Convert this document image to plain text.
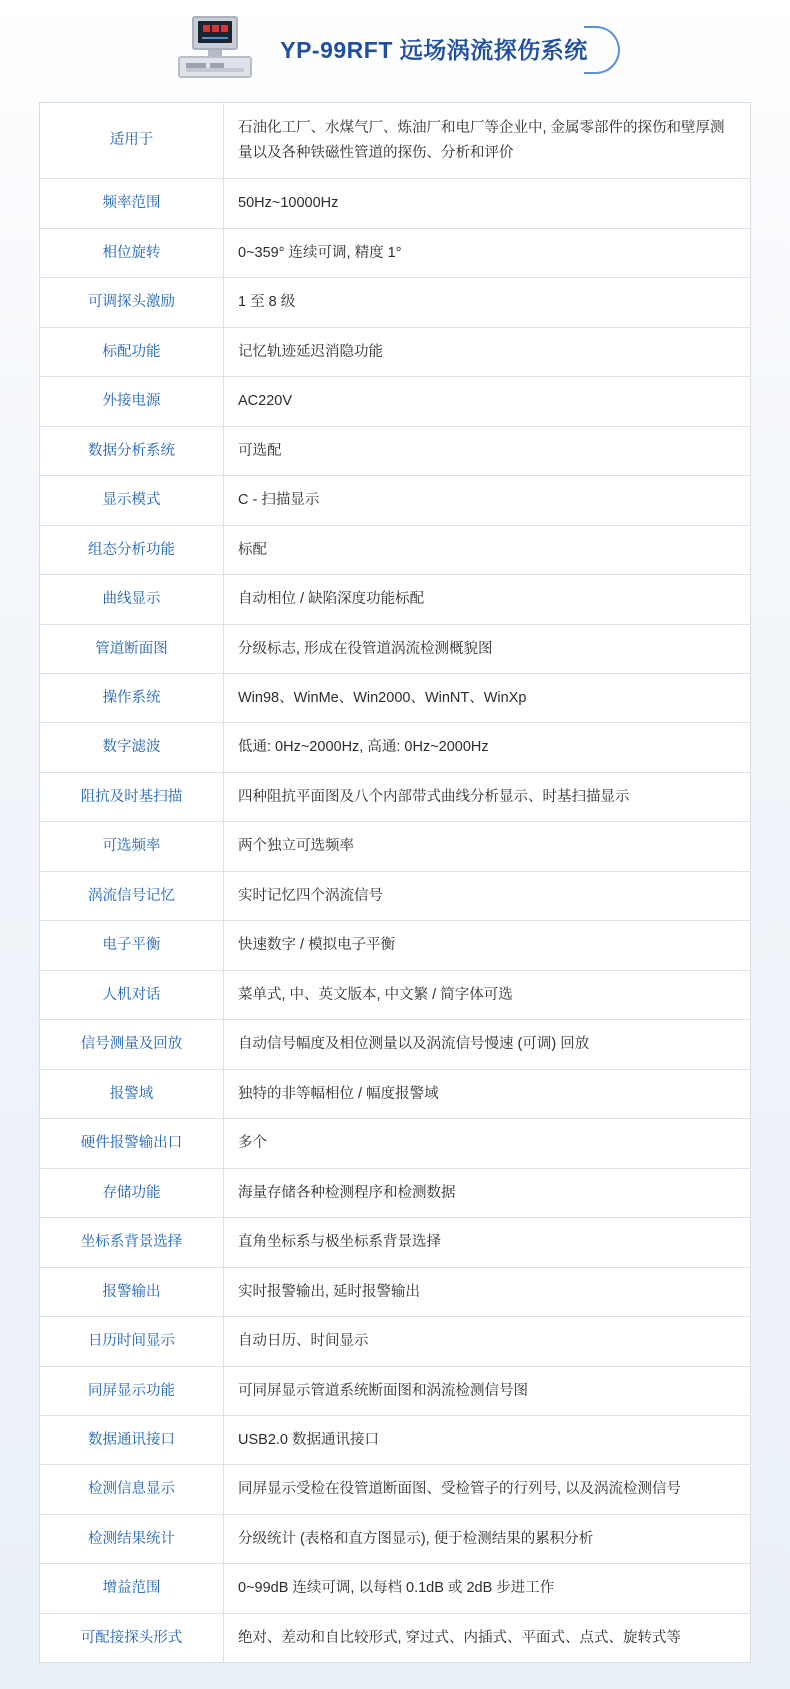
YP-99RFT 远场涡流探伤系统
适用于	石油化工厂、水煤气厂、炼油厂和电厂等企业中, 金属零部件的探伤和壁厚测量以及各种铁磁性管道的探伤、分析和评价
频率范围	50Hz~10000Hz
相位旋转	0~359° 连续可调, 精度 1°
可调探头激励	1 至 8 级
标配功能	记忆轨迹延迟消隐功能
外接电源	AC220V
数据分析系统	可选配
显示模式	C - 扫描显示
组态分析功能	标配
曲线显示	自动相位 / 缺陷深度功能标配
管道断面图	分级标志, 形成在役管道涡流检测概貌图
操作系统	Win98、WinMe、Win2000、WinNT、WinXp
数字滤波	低通: 0Hz~2000Hz, 高通: 0Hz~2000Hz
阻抗及时基扫描	四种阻抗平面图及八个内部带式曲线分析显示、时基扫描显示
可选频率	两个独立可选频率
涡流信号记忆	实时记忆四个涡流信号
电子平衡	快速数字 / 模拟电子平衡
人机对话	菜单式, 中、英文版本, 中文繁 / 简字体可选
信号测量及回放	自动信号幅度及相位测量以及涡流信号慢速 (可调) 回放
报警域	独特的非等幅相位 / 幅度报警域
硬件报警输出口	多个
存储功能	海量存储各种检测程序和检测数据
坐标系背景选择	直角坐标系与极坐标系背景选择
报警输出	实时报警输出, 延时报警输出
日历时间显示	自动日历、时间显示
同屏显示功能	可同屏显示管道系统断面图和涡流检测信号图
数据通讯接口	USB2.0 数据通讯接口
检测信息显示	同屏显示受检在役管道断面图、受检管子的行列号, 以及涡流检测信号
检测结果统计	分级统计 (表格和直方图显示), 便于检测结果的累积分析
增益范围	0~99dB 连续可调, 以每档 0.1dB 或 2dB 步进工作
可配接探头形式	绝对、差动和自比较形式, 穿过式、内插式、平面式、点式、旋转式等
